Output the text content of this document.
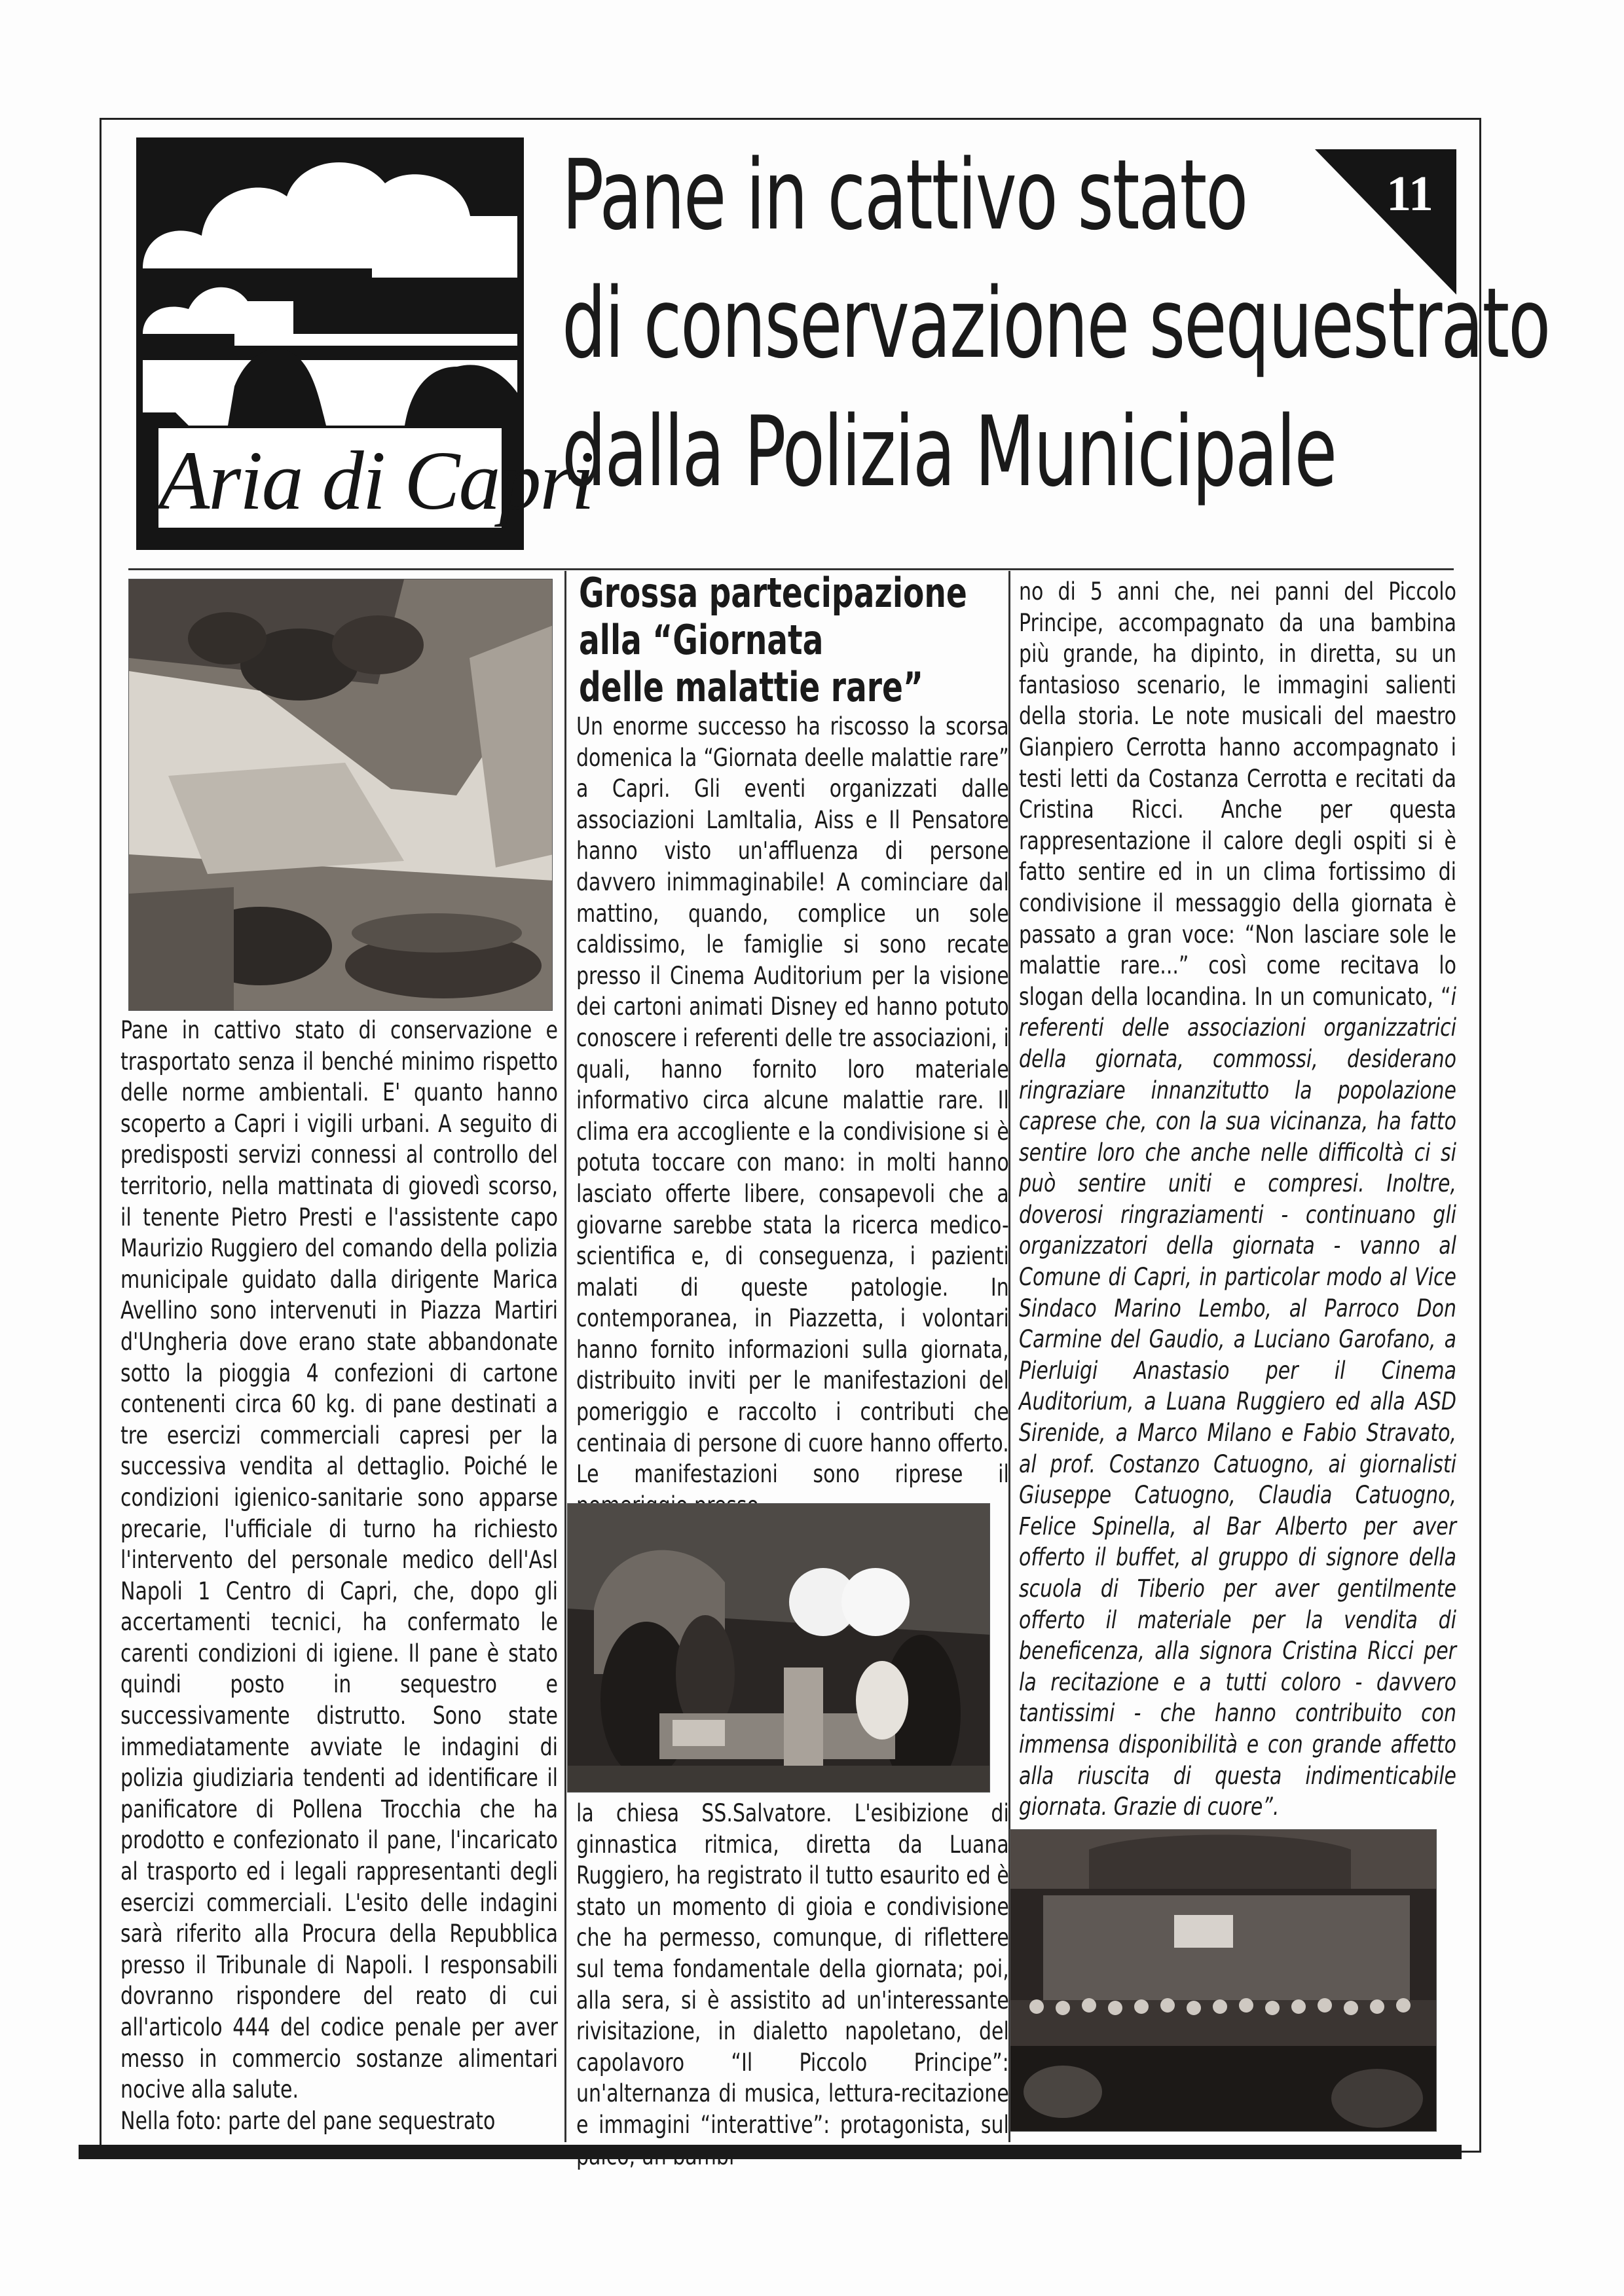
Aria di Capri
Pane in cattivo stato
di conservazione sequestrato
dalla Polizia Municipale
11

Pane in cattivo stato di conservazione e trasportato senza il benché minimo rispetto delle norme ambientali. E' quanto hanno scoperto a Capri i vigili urbani. A seguito di predisposti servizi connessi al controllo del territorio, nella mattinata di giovedì scorso, il tenente Pietro Presti e l'assistente capo Maurizio Ruggiero del comando della polizia municipale guidato dalla dirigente Marica Avellino sono intervenuti in Piazza Martiri d'Ungheria dove erano state abbandonate sotto la pioggia 4 confezioni di cartone contenenti circa 60 kg. di pane destinati a tre esercizi commerciali capresi per la successiva vendita al dettaglio. Poiché le condizioni igienico-sanitarie sono apparse precarie, l'ufficiale di turno ha richiesto l'intervento del personale medico dell'Asl Napoli 1 Centro di Capri, che, dopo gli accertamenti tecnici, ha confermato le carenti condizioni di igiene. Il pane è stato quindi posto in sequestro e successivamente distrutto. Sono state immediatamente avviate le indagini di polizia giudiziaria tendenti ad identificare il panificatore di Pollena Trocchia che ha prodotto e confezionato il pane, l'incaricato al trasporto ed i legali rappresentanti degli esercizi commerciali. L'esito delle indagini sarà riferito alla Procura della Repubblica presso il Tribunale di Napoli. I responsabili dovranno rispondere del reato di cui all'articolo 444 del codice penale per aver messo in commercio sostanze alimentari nocive alla salute.

Nella foto: parte del pane sequestrato

Grossa partecipazione
alla “Giornata
delle malattie rare”

Un enorme successo ha riscosso la scorsa domenica la “Giornata deelle malattie rare” a Capri. Gli eventi organizzati dalle associazioni LamItalia, Aiss e Il Pensatore hanno visto un'affluenza di persone davvero inimmaginabile! A cominciare dal mattino, quando, complice un sole caldissimo, le famiglie si sono recate presso il Cinema Auditorium per la visione dei cartoni animati Disney ed hanno potuto conoscere i referenti delle tre associazioni, i quali, hanno fornito loro materiale informativo circa alcune malattie rare. Il clima era accogliente e la condivisione si è potuta toccare con mano: in molti hanno lasciato offerte libere, consapevoli che a giovarne sarebbe stata la ricerca medico-scientifica e, di conseguenza, i pazienti malati di queste patologie. In contemporanea, in Piazzetta, i volontari hanno fornito informazioni sulla giornata, distribuito inviti per le manifestazioni del pomeriggio e raccolto i contributi che centinaia di persone di cuore hanno offerto. Le manifestazioni sono riprese il

la chiesa SS.Salvatore. L'esibizione di ginnastica ritmica, diretta da Luana Ruggiero, ha registrato il tutto esaurito ed è stato un momento di gioia e condivisione che ha permesso, comunque, di riflettere sul tema fondamentale della giornata; poi, alla sera, si è assistito ad un'interessante rivisitazione, in dialetto napoletano, del capolavoro “Il Piccolo Principe”: un'alternanza di musica, lettura-recitazione e immagini “interattive”: protagonista, sul

no di 5 anni che, nei panni del Piccolo Principe, accompagnato da una bambina più grande, ha dipinto, in diretta, su un fantasioso scenario, le immagini salienti della storia. Le note musicali del maestro Gianpiero Cerrotta hanno accompagnato i testi letti da Costanza Cerrotta e recitati da Cristina Ricci. Anche per questa rappresentazione il calore degli ospiti si è fatto sentire ed in un clima fortissimo di condivisione il messaggio della giornata è passato a gran voce: “Non lasciare sole le malattie rare...” così come recitava lo slogan della locandina. In un comunicato, “i referenti delle associazioni organizzatrici della giornata, commossi, desiderano ringraziare innanzitutto la popolazione caprese che, con la sua vicinanza, ha fatto sentire loro che anche nelle difficoltà ci si può sentire uniti e compresi. Inoltre, doverosi ringraziamenti - continuano gli organizzatori della giornata - vanno al Comune di Capri, in particolar modo al Vice Sindaco Marino Lembo, al Parroco Don Carmine del Gaudio, a Luciano Garofano, a Pierluigi Anastasio per il Cinema Auditorium, a Luana Ruggiero ed alla ASD Sirenide, a Marco Milano e Fabio Stravato, al prof. Costanzo Catuogno, ai giornalisti Giuseppe Catuogno, Claudia Catuogno, Felice Spinella, al Bar Alberto per aver offerto il buffet, al gruppo di signore della scuola di Tiberio per aver gentilmente offerto il materiale per la vendita di beneficenza, alla signora Cristina Ricci per la recitazione e a tutti coloro - davvero tantissimi - che hanno contribuito con immensa disponibilità e con grande affetto alla riuscita di questa indimenticabile giornata. Grazie di cuore”.
